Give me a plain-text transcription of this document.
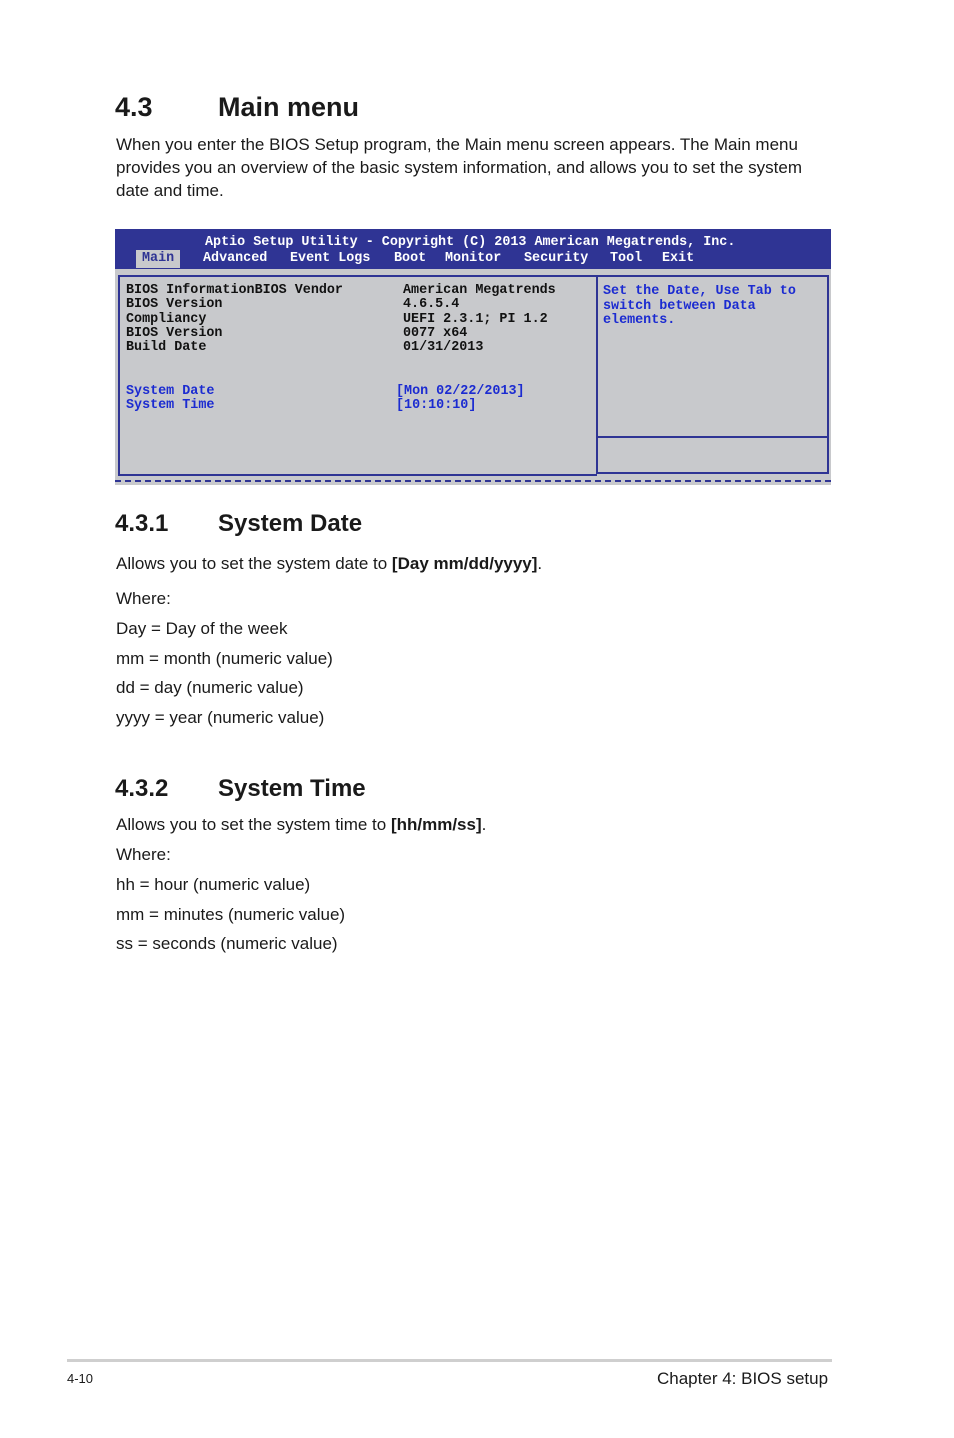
4.3 Main menu

When you enter the BIOS Setup program, the Main menu screen appears. The Main menu provides you an overview of the basic system information, and allows you to set the system date and time.

Aptio Setup Utility - Copyright (C) 2013 American Megatrends, Inc.
Main	Advanced Event Logs Boot Monitor Security Tool Exit
BIOS InformationBIOS Vendor	American Megatrends
BIOS Version	4.6.5.4
Compliancy	UEFI 2.3.1; PI 1.2
BIOS Version	0077 x64
Build Date	01/31/2013
System Date	[Mon 02/22/2013]
System Time	[10:10:10]
Set the Date, Use Tab to
switch between Data
elements.
4.3.1 System Date

Allows you to set the system date to [Day mm/dd/yyyy].

Where:

Day = Day of the week

mm = month (numeric value)

dd = day (numeric value)

yyyy = year (numeric value)

4.3.2 System Time

Allows you to set the system time to [hh/mm/ss].

Where:

hh = hour (numeric value)

mm = minutes (numeric value)

ss = seconds (numeric value)

4-10	Chapter 4: BIOS setup
